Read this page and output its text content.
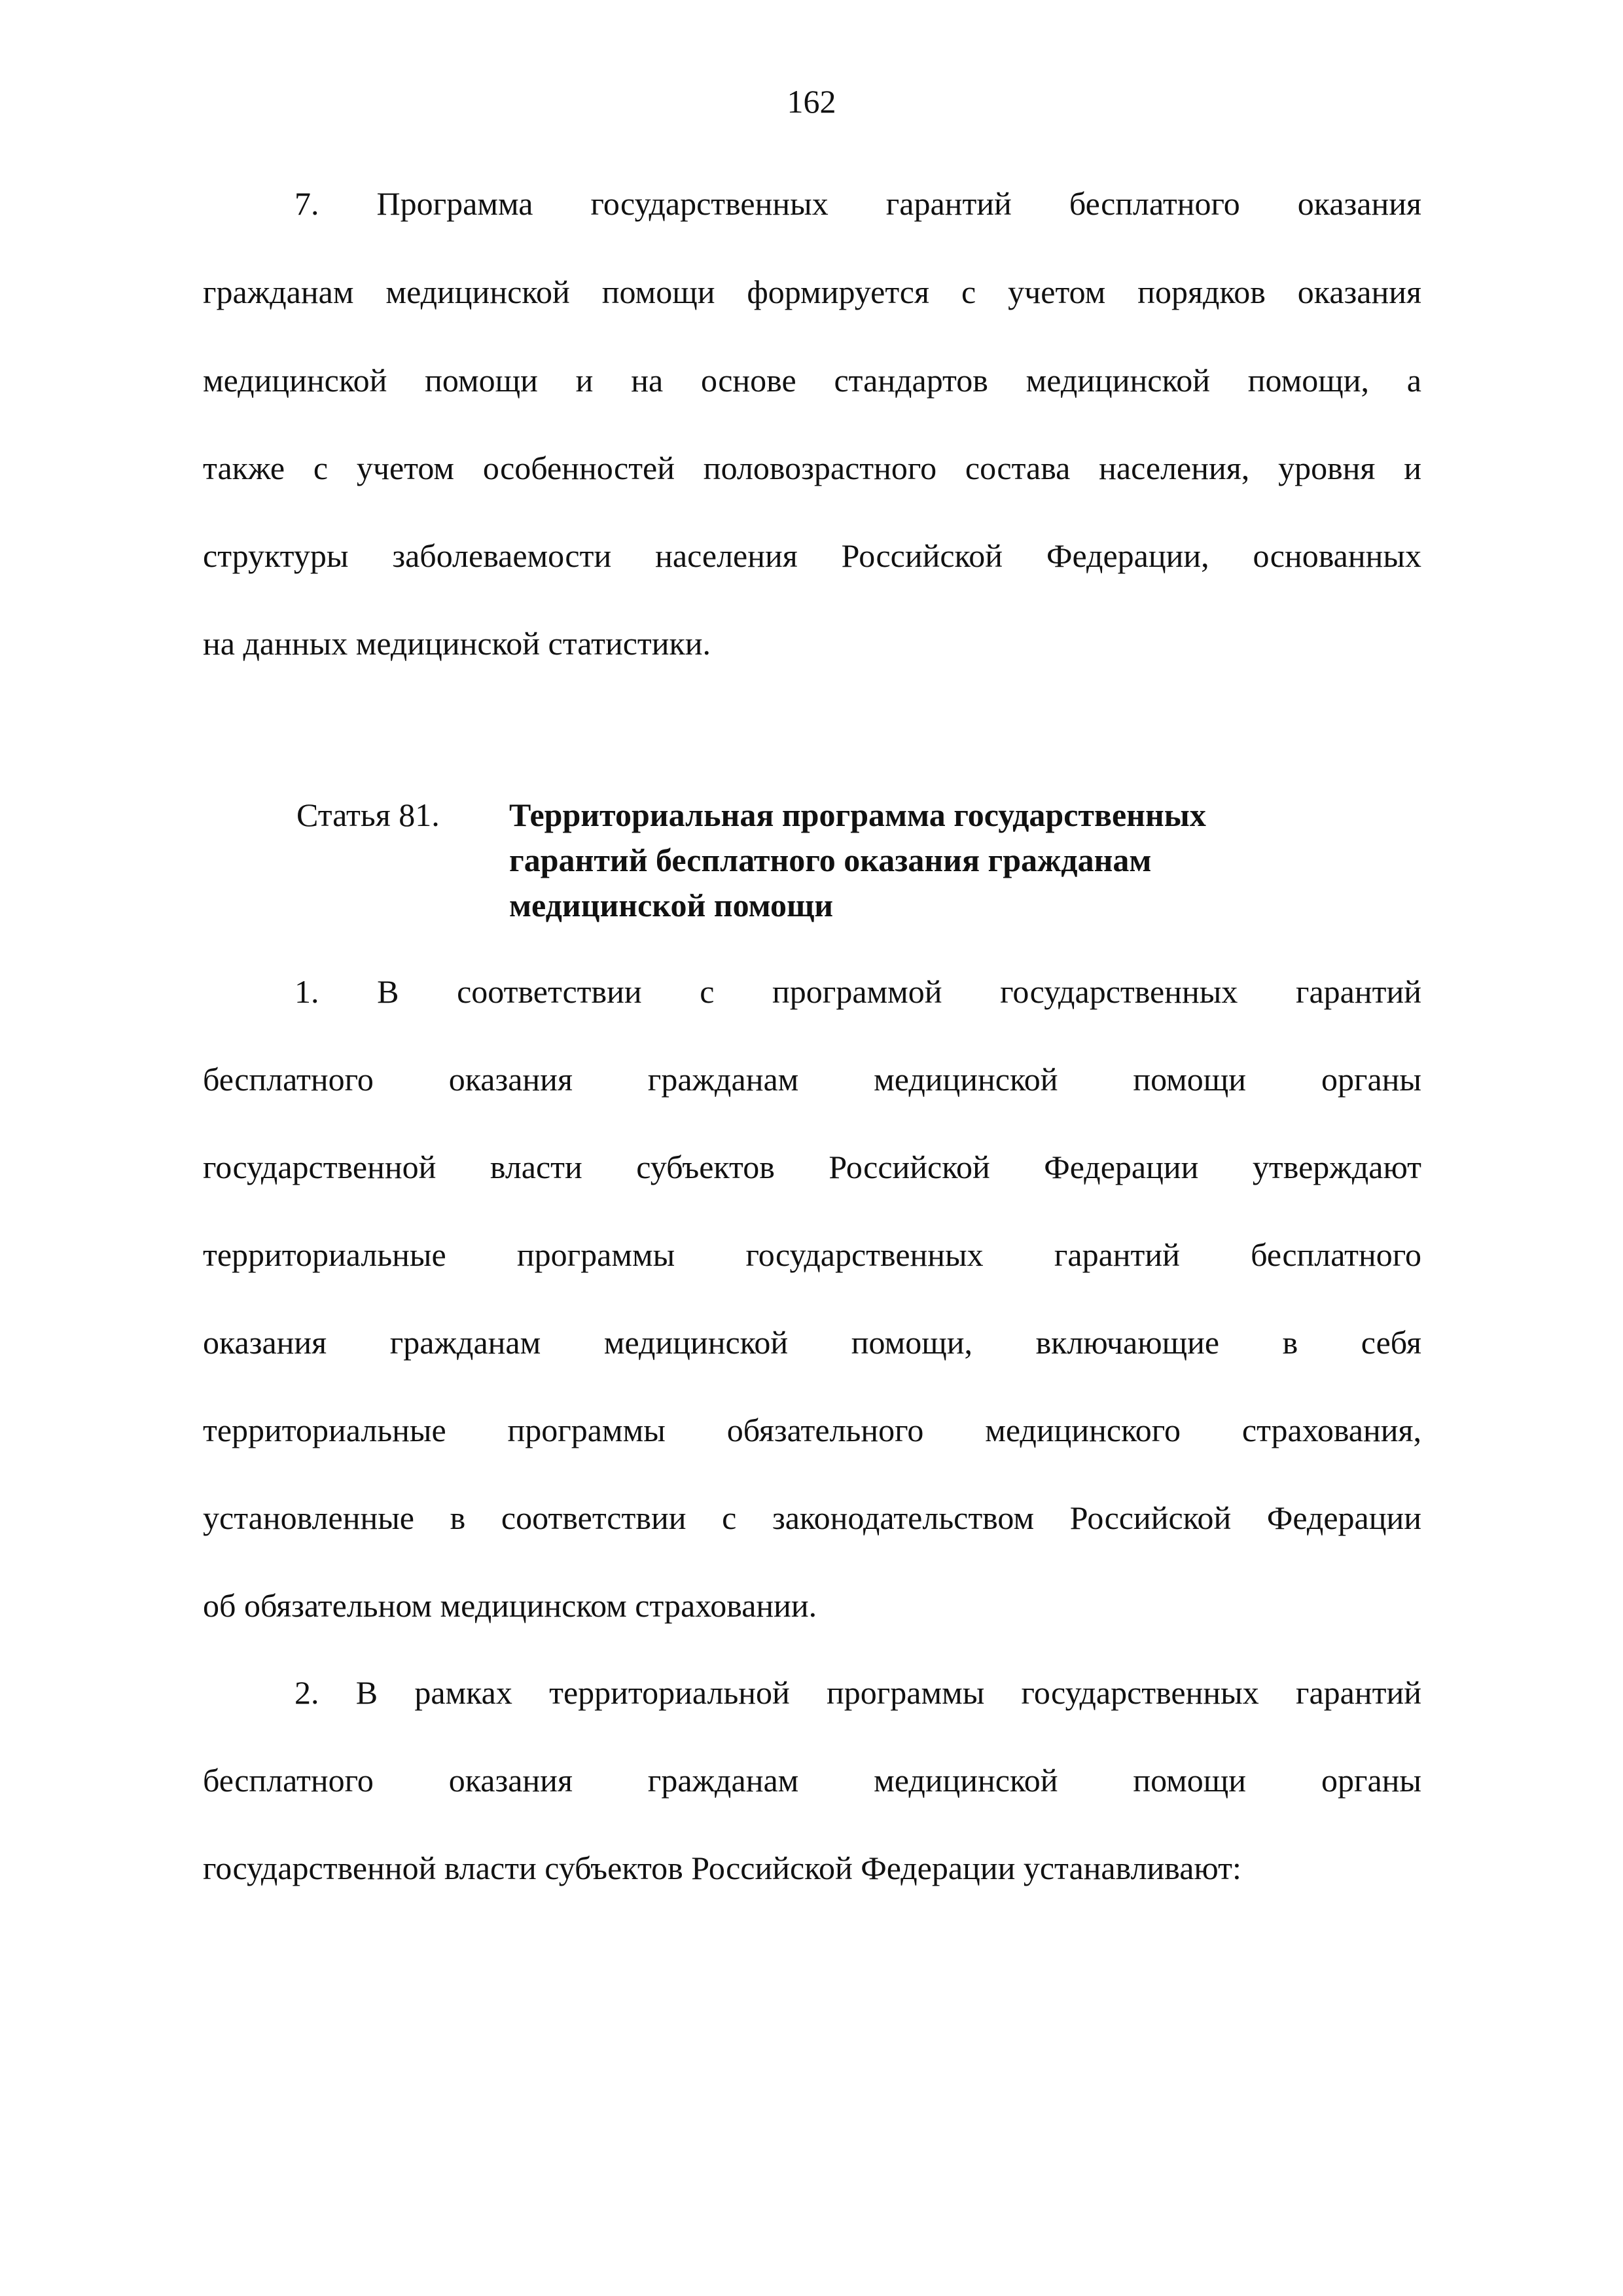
162
7. Программа государственных гарантий бесплатного оказания
гражданам медицинской помощи формируется с учетом порядков оказания
медицинской помощи и на основе стандартов медицинской помощи, а
также с учетом особенностей половозрастного состава населения, уровня и
структуры заболеваемости населения Российской Федерации, основанных
на данных медицинской статистики.
Статья 81. Территориальная программа государственных
гарантий бесплатного оказания гражданам
медицинской помощи
1. В соответствии с программой государственных гарантий
бесплатного оказания гражданам медицинской помощи органы
государственной власти субъектов Российской Федерации утверждают
территориальные программы государственных гарантий бесплатного
оказания гражданам медицинской помощи, включающие в себя
территориальные программы обязательного медицинского страхования,
установленные в соответствии с законодательством Российской Федерации
об обязательном медицинском страховании.
2. В рамках территориальной программы государственных гарантий
бесплатного оказания гражданам медицинской помощи органы
государственной власти субъектов Российской Федерации устанавливают:
